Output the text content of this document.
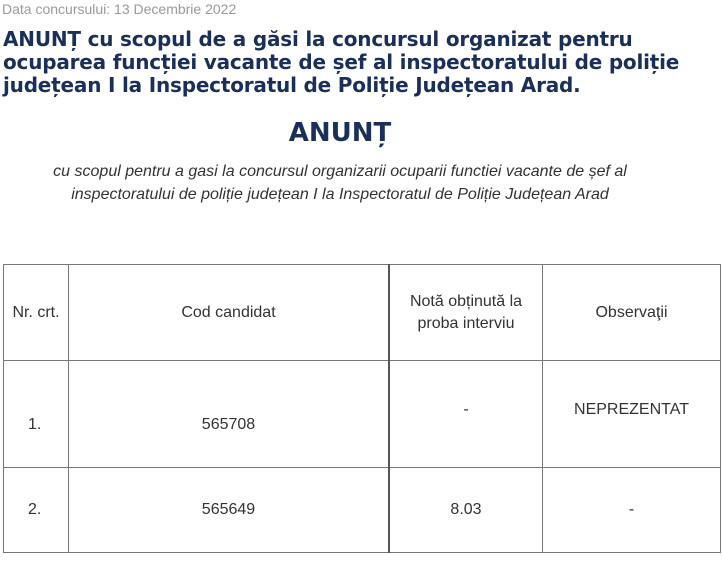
Data concursului: 13 Decembrie 2022
ANUNȚ cu scopul de a găsi la concursul organizat pentru ocuparea funcției vacante de șef al inspectoratului de poliție județean I la Inspectoratul de Poliție Județean Arad.
ANUNȚ
cu scopul pentru a gasi la concursul organizarii ocuparii functiei vacante de șef al inspectoratului de poliție județean I la Inspectoratul de Poliție Județean Arad
Nr. crt.	Cod candidat	Notă obținută la proba interviu	Observaţii
1.	565708	-	NEPREZENTAT
2.	565649	8.03	-
